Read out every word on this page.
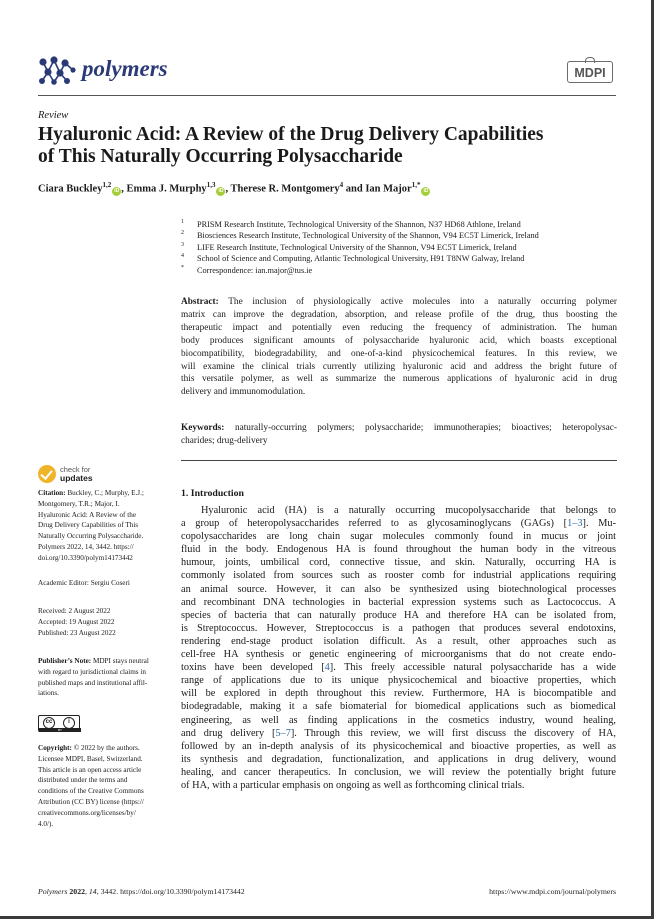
polymers	MDPI
Review
Hyaluronic Acid: A Review of the Drug Delivery Capabilities
of This Naturally Occurring Polysaccharide
Ciara Buckley$^{1,2}$iD , Emma J. Murphy$^{1,3}$iD , Therese R. Montgomery$^4$ and Ian Major$^{1,*}$iD
1 PRISM Research Institute, Technological University of the Shannon, N37 HD68 Athlone, Ireland
2 Biosciences Research Institute, Technological University of the Shannon, V94 EC5T Limerick, Ireland
3 LIFE Research Institute, Technological University of the Shannon, V94 EC5T Limerick, Ireland
4 School of Science and Computing, Atlantic Technological University, H91 T8NW Galway, Ireland
* Correspondence: ian.major@tus.ie
Abstract: The inclusion of physiologically active molecules into a naturally occurring polymer
matrix can improve the degradation, absorption, and release profile of the drug, thus boosting the
therapeutic impact and potentially even reducing the frequency of administration. The human
body produces significant amounts of polysaccharide hyaluronic acid, which boasts exceptional
biocompatibility, biodegradability, and one-of-a-kind physicochemical features. In this review, we
will examine the clinical trials currently utilizing hyaluronic acid and address the bright future of
this versatile polymer, as well as summarize the numerous applications of hyaluronic acid in drug
delivery and immunomodulation.
Keywords: naturally-occurring polymers; polysaccharide; immunotherapies; bioactives; heteropolysac-
charides; drug-delivery
check for
updates
Citation: Buckley, C.; Murphy, E.J.;
Montgomery, T.R.; Major, I.
Hyaluronic Acid: A Review of the
Drug Delivery Capabilities of This
Naturally Occurring Polysaccharide.
Polymers 2022, 14, 3442. https://
doi.org/10.3390/polym14173442
Academic Editor: Sergiu Coseri
Received: 2 August 2022
Accepted: 19 August 2022
Published: 23 August 2022
Publisher’s Note: MDPI stays neutral
with regard to jurisdictional claims in
published maps and institutional affil-
iations.
cc	i
BY
Copyright: © 2022 by the authors.
Licensee MDPI, Basel, Switzerland.
This article is an open access article
distributed under the terms and
conditions of the Creative Commons
Attribution (CC BY) license (https://
creativecommons.org/licenses/by/
4.0/).
1. Introduction
Hyaluronic acid (HA) is a naturally occurring mucopolysaccharide that belongs to
a group of heteropolysaccharides referred to as glycosaminoglycans (GAGs) [1–3]. Mu-
copolysaccharides are long chain sugar molecules commonly found in mucus or joint
fluid in the body. Endogenous HA is found throughout the human body in the vitreous
humour, joints, umbilical cord, connective tissue, and skin. Naturally, occurring HA is
commonly isolated from sources such as rooster comb for industrial applications requiring
an animal source. However, it can also be synthesized using biotechnological processes
and recombinant DNA technologies in bacterial expression systems such as Lactococcus. A
species of bacteria that can naturally produce HA and therefore HA can be isolated from,
is Streptococcus. However, Streptococcus is a pathogen that produces several endotoxins,
rendering end-stage product isolation difficult. As a result, other approaches such as
cell-free HA synthesis or genetic engineering of microorganisms that do not create endo-
toxins have been developed [4]. This freely accessible natural polysaccharide has a wide
range of applications due to its unique physicochemical and bioactive properties, which
will be explored in depth throughout this review. Furthermore, HA is biocompatible and
biodegradable, making it a safe biomaterial for biomedical applications such as biomedical
engineering, as well as finding applications in the cosmetics industry, wound healing,
and drug delivery [5–7]. Through this review, we will first discuss the discovery of HA,
followed by an in-depth analysis of its physicochemical and bioactive properties, as well as
its synthesis and degradation, functionalization, and applications in drug delivery, wound
healing, and cancer therapeutics. In conclusion, we will review the potentially bright future
of HA, with a particular emphasis on ongoing as well as forthcoming clinical trials.
Polymers 2022, 14, 3442. https://doi.org/10.3390/polym14173442	https://www.mdpi.com/journal/polymers
